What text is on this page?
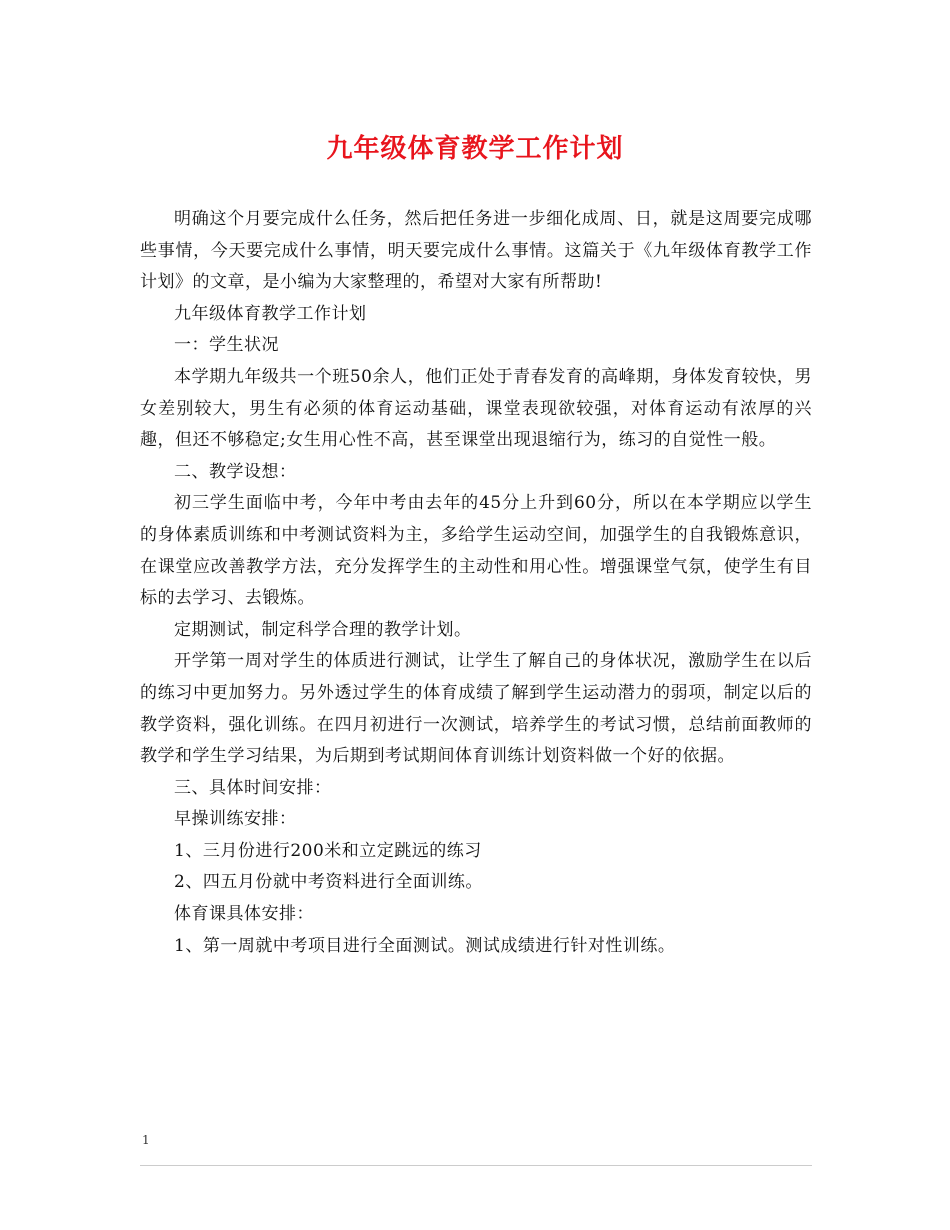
九年级体育教学工作计划

明确这个月要完成什么任务，然后把任务进一步细化成周、日，就是这周要完成哪些事情，今天要完成什么事情，明天要完成什么事情。这篇关于《九年级体育教学工作计划》的文章，是小编为大家整理的，希望对大家有所帮助!

九年级体育教学工作计划

一：学生状况

本学期九年级共一个班50余人，他们正处于青春发育的高峰期，身体发育较快，男女差别较大，男生有必须的体育运动基础，课堂表现欲较强，对体育运动有浓厚的兴趣，但还不够稳定;女生用心性不高，甚至课堂出现退缩行为，练习的自觉性一般。

二、教学设想：

初三学生面临中考，今年中考由去年的45分上升到60分，所以在本学期应以学生的身体素质训练和中考测试资料为主，多给学生运动空间，加强学生的自我锻炼意识，在课堂应改善教学方法，充分发挥学生的主动性和用心性。增强课堂气氛，使学生有目标的去学习、去锻炼。

定期测试，制定科学合理的教学计划。

开学第一周对学生的体质进行测试，让学生了解自己的身体状况，激励学生在以后的练习中更加努力。另外透过学生的体育成绩了解到学生运动潜力的弱项，制定以后的教学资料，强化训练。在四月初进行一次测试，培养学生的考试习惯，总结前面教师的教学和学生学习结果，为后期到考试期间体育训练计划资料做一个好的依据。

三、具体时间安排：

早操训练安排：

1、三月份进行200米和立定跳远的练习

2、四五月份就中考资料进行全面训练。

体育课具体安排：

1、第一周就中考项目进行全面测试。测试成绩进行针对性训练。

1
